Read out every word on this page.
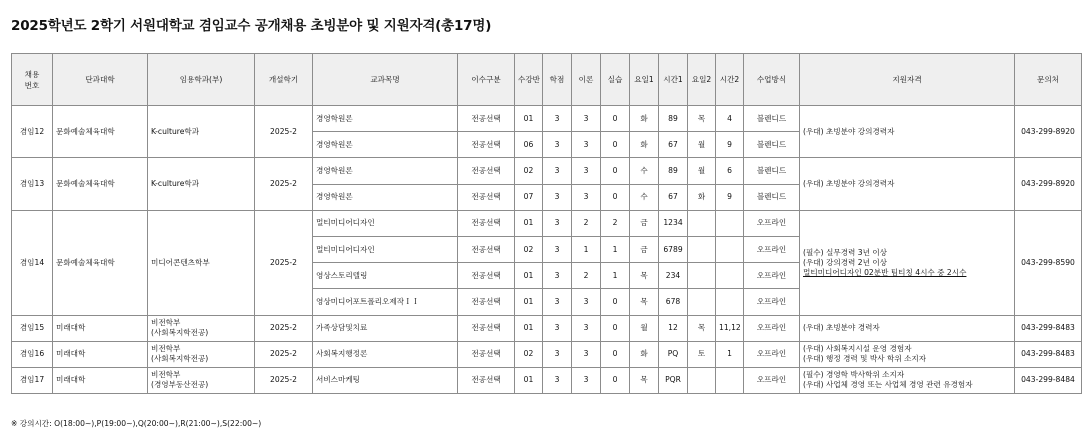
2025학년도 2학기 서원대학교 겸임교수 공개채용 초빙분야 및 지원자격(총17명)
채용
번호	단과대학	임용학과(부)	개설학기	교과목명	이수구분	수강반	학점	이론	실습	요일1	시간1	요일2	시간2	수업방식	지원자격	문의처
겸임12	문화예술체육대학	K-culture학과	2025-2	경영학원론	전공선택	01	3	3	0	화	89	목	4	블렌디드	(우대) 초빙분야 강의경력자	043-299-8920
				경영학원론	전공선택	06	3	3	0	화	67	월	9	블렌디드		
겸임13	문화예술체육대학	K-culture학과	2025-2	경영학원론	전공선택	02	3	3	0	수	89	월	6	블렌디드	(우대) 초빙분야 강의경력자	043-299-8920
				경영학원론	전공선택	07	3	3	0	수	67	화	9	블렌디드		
겸임14	문화예술체육대학	미디어콘텐츠학부	2025-2	멀티미디어디자인	전공선택	01	3	2	2	금	1234			오프라인	(필수) 실무경력 3년 이상
(우대) 강의경력 2년 이상
멀티미디어디자인 02분반 팀티칭 4시수 중 2시수	043-299-8590
				멀티미디어디자인	전공선택	02	3	1	1	금	6789			오프라인		
				영상스토리텔링	전공선택	01	3	2	1	목	234			오프라인		
				영상미디어포트폴리오제작ＩＩ	전공선택	01	3	3	0	목	678			오프라인		
겸임15	미래대학	비전학부
(사회복지학전공)	2025-2	가족상담및치료	전공선택	01	3	3	0	월	12	목	11,12	오프라인	(우대) 초빙분야 경력자	043-299-8483
겸임16	미래대학	비전학부
(사회복지학전공)	2025-2	사회복지행정론	전공선택	02	3	3	0	화	PQ	토	1	오프라인	(우대) 사회복지시설 운영 경험자
(우대) 행정 경력 및 박사 학위 소지자	043-299-8483
겸임17	미래대학	비전학부
(경영부동산전공)	2025-2	서비스마케팅	전공선택	01	3	3	0	목	PQR			오프라인	(필수) 경영학 박사학위 소지자
(우대) 사업체 경영 또는 사업체 경영 관련 유경험자	043-299-8484
※ 강의시간: O(18:00~),P(19:00~),Q(20:00~),R(21:00~),S(22:00~)
